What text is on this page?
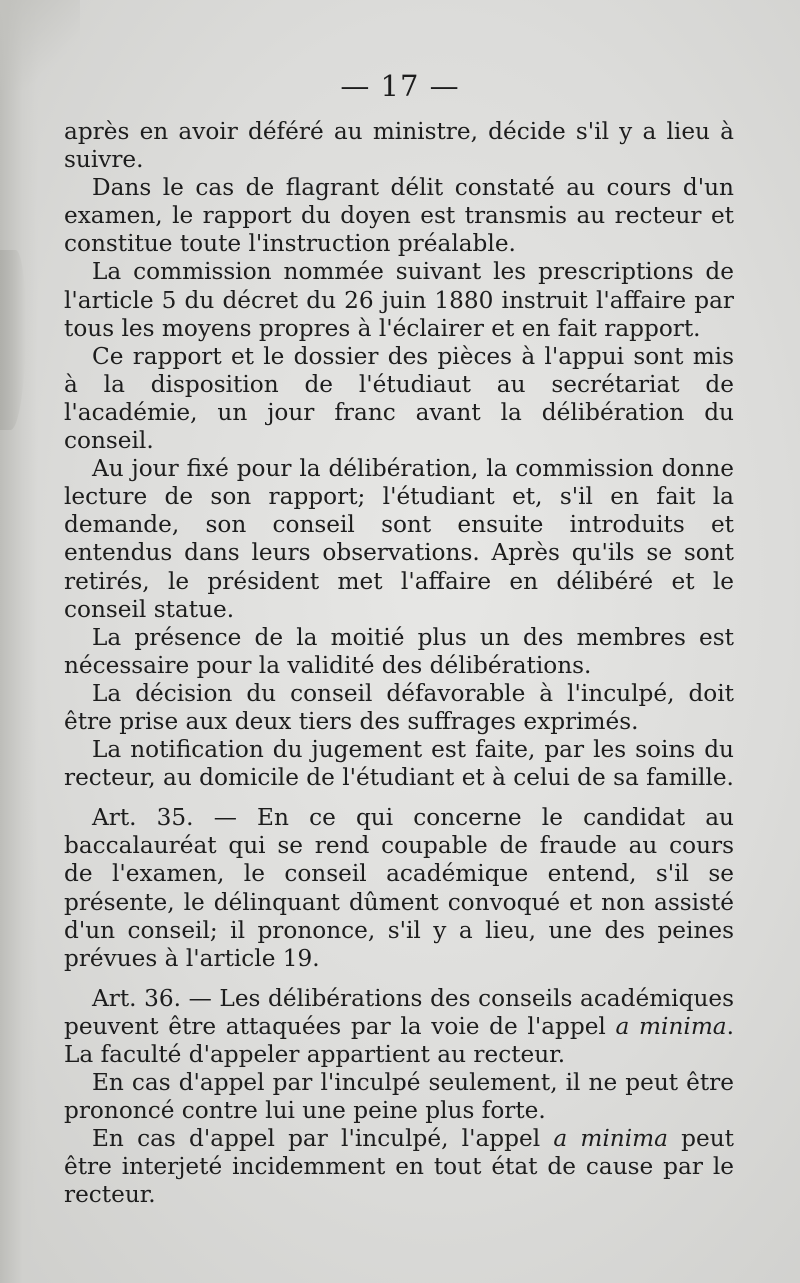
— 17 —

après en avoir déféré au ministre, décide s'il y a lieu à suivre.

Dans le cas de flagrant délit constaté au cours d'un examen, le rapport du doyen est transmis au recteur et constitue toute l'instruction préalable.

La commission nommée suivant les prescriptions de l'article 5 du décret du 26 juin 1880 instruit l'affaire par tous les moyens propres à l'éclairer et en fait rapport.

Ce rapport et le dossier des pièces à l'appui sont mis à la disposition de l'étudiaut au secrétariat de l'académie, un jour franc avant la délibération du conseil.

Au jour fixé pour la délibération, la commission donne lecture de son rapport; l'étudiant et, s'il en fait la demande, son conseil sont ensuite introduits et entendus dans leurs observations. Après qu'ils se sont retirés, le président met l'affaire en délibéré et le conseil statue.

La présence de la moitié plus un des membres est nécessaire pour la validité des délibérations.

La décision du conseil défavorable à l'inculpé, doit être prise aux deux tiers des suffrages exprimés.

La notification du jugement est faite, par les soins du recteur, au domicile de l'étudiant et à celui de sa famille.

Art. 35. — En ce qui concerne le candidat au baccalauréat qui se rend coupable de fraude au cours de l'examen, le conseil académique entend, s'il se présente, le délinquant dûment convoqué et non assisté d'un conseil; il prononce, s'il y a lieu, une des peines prévues à l'article 19.

Art. 36. — Les délibérations des conseils académiques peuvent être attaquées par la voie de l'appel a minima. La faculté d'appeler appartient au recteur.

En cas d'appel par l'inculpé seulement, il ne peut être prononcé contre lui une peine plus forte.

En cas d'appel par l'inculpé, l'appel a minima peut être interjeté incidemment en tout état de cause par le recteur.
